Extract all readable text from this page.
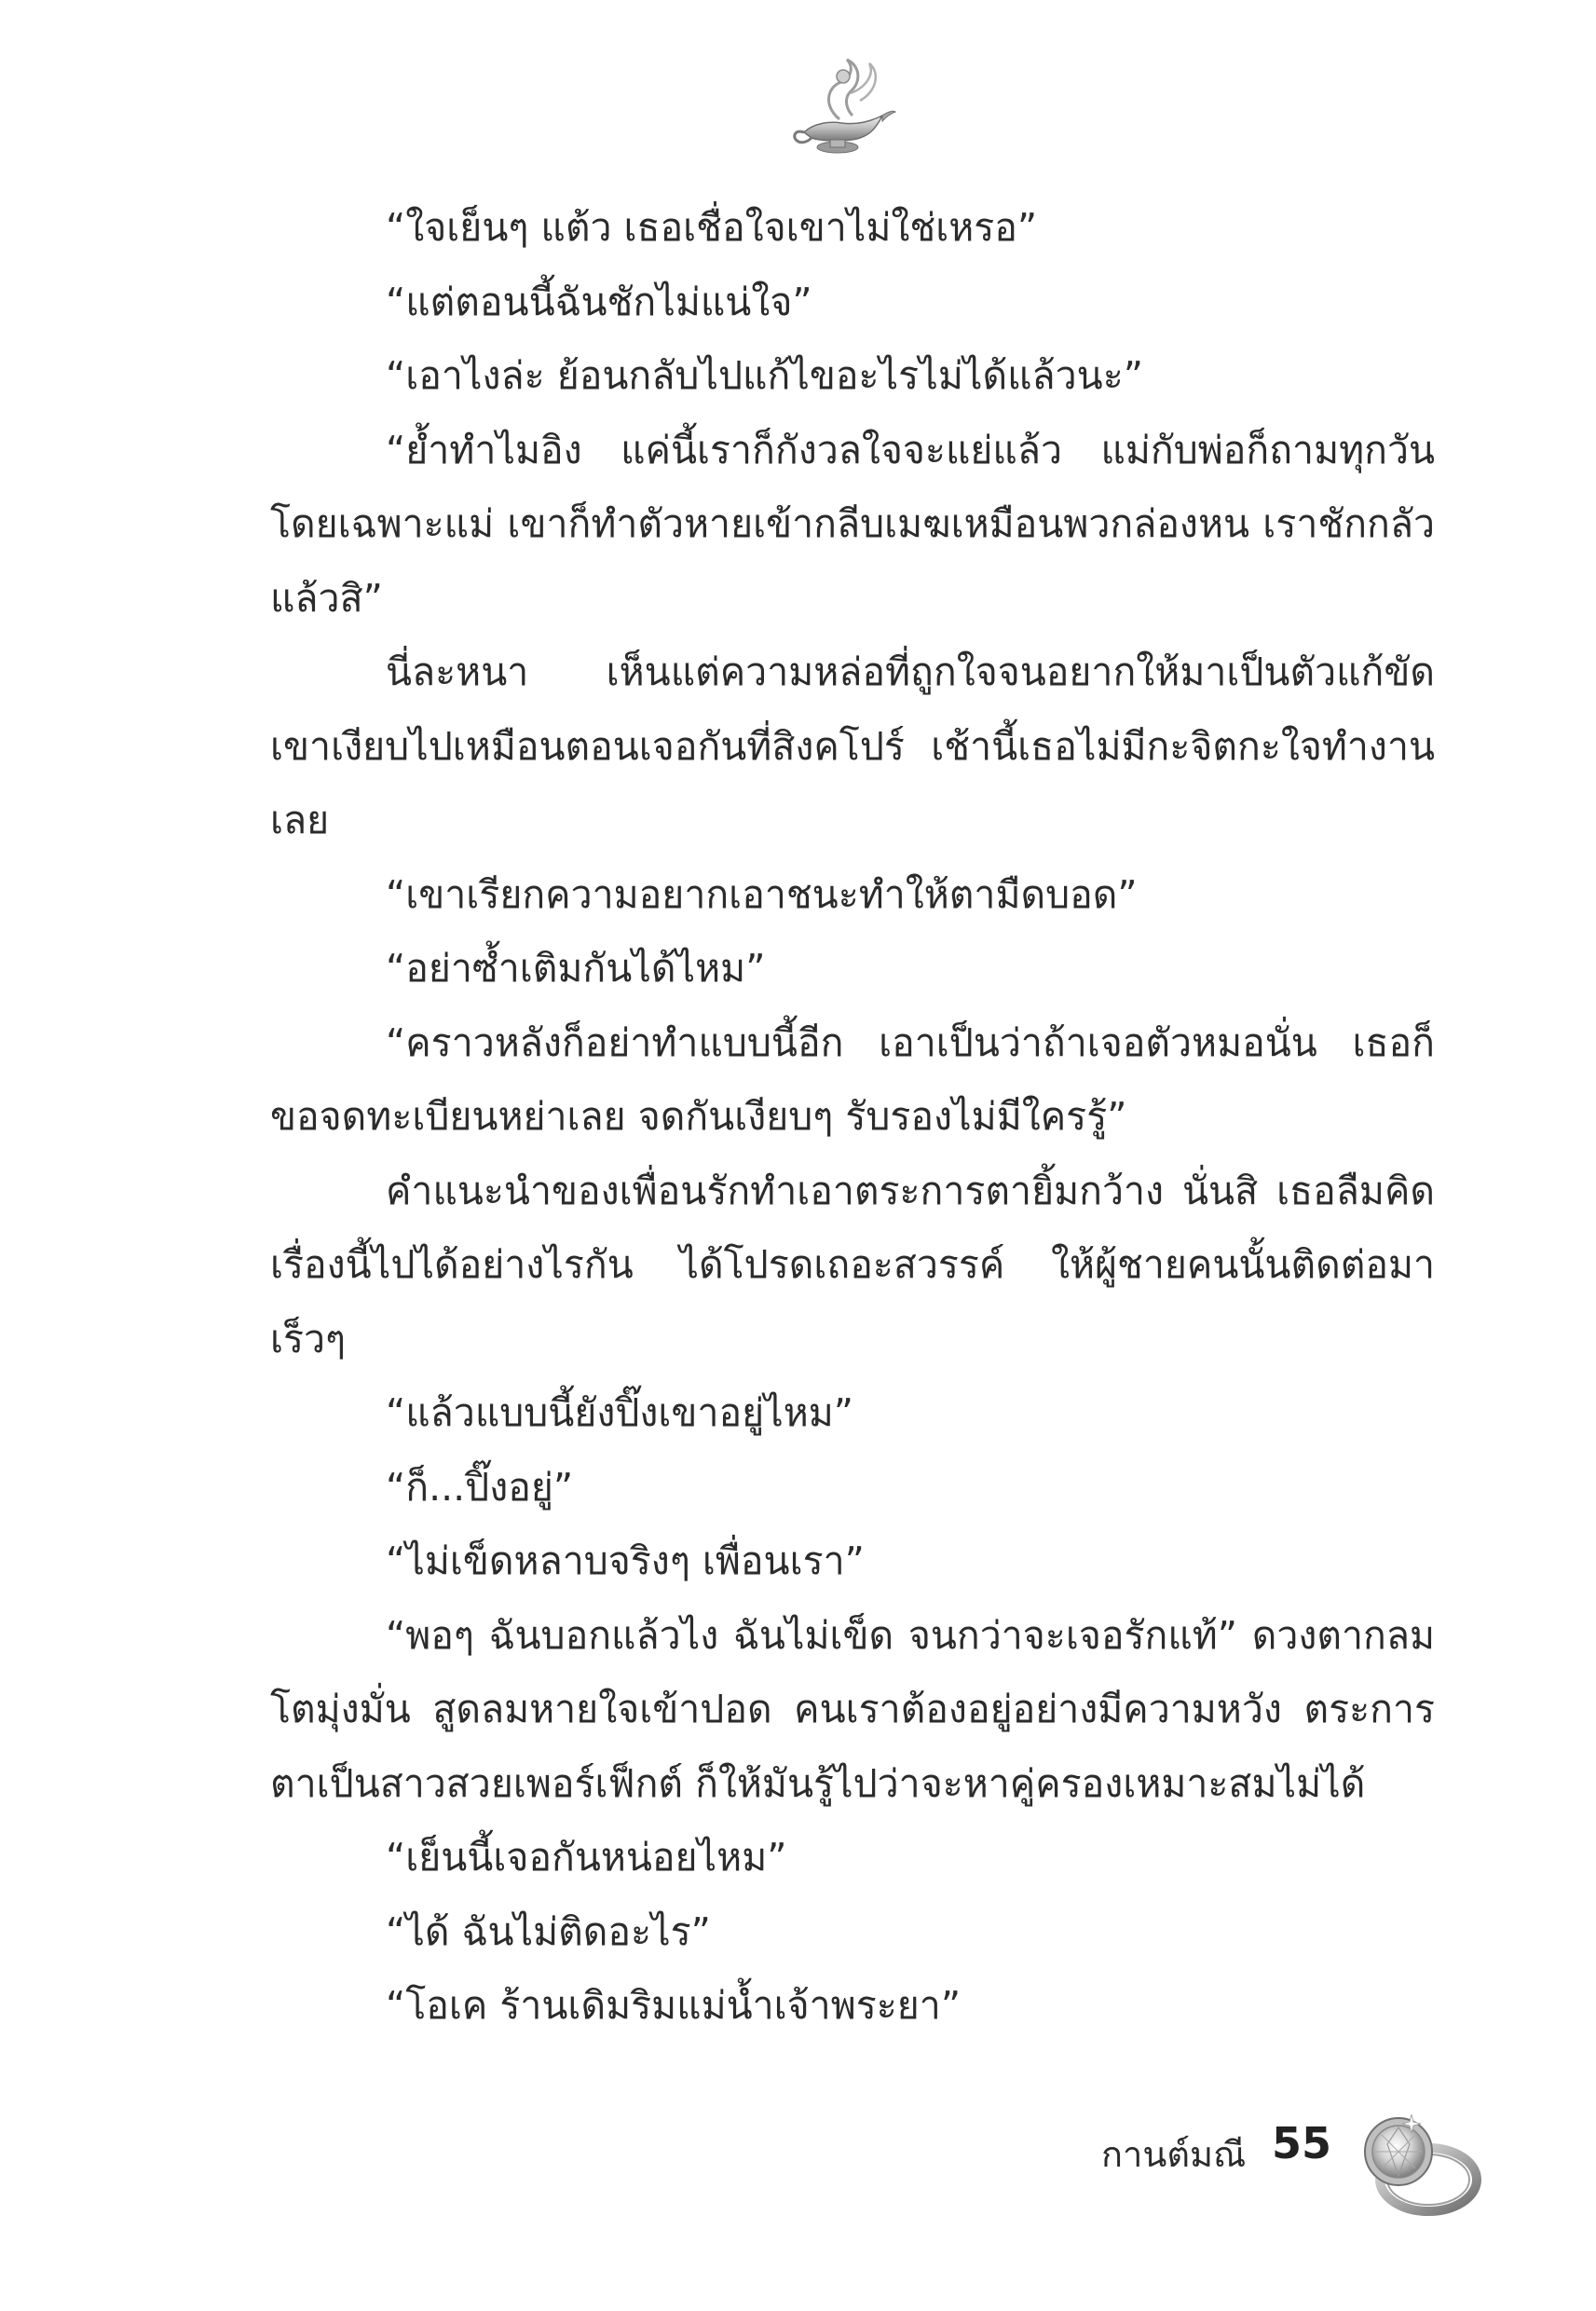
“ใจเย็นๆ แต้ว เธอเชื่อใจเขาไม่ใช่เหรอ”

“แต่ตอนนี้ฉันชักไม่แน่ใจ”

“เอาไงล่ะ ย้อนกลับไปแก้ไขอะไรไม่ได้แล้วนะ”

“ย้ำทำไมอิง แค่นี้เราก็กังวลใจจะแย่แล้ว แม่กับพ่อก็ถามทุกวัน โดยเฉพาะแม่ เขาก็ทำตัวหายเข้ากลีบเมฆเหมือนพวกล่องหน เราชักกลัวแล้วสิ”

นี่ละหนา เห็นแต่ความหล่อที่ถูกใจจนอยากให้มาเป็นตัวแก้ขัด เขาเงียบไปเหมือนตอนเจอกันที่สิงคโปร์ เช้านี้เธอไม่มีกะจิตกะใจทำงานเลย

“เขาเรียกความอยากเอาชนะทำให้ตามืดบอด”

“อย่าซ้ำเติมกันได้ไหม”

“คราวหลังก็อย่าทำแบบนี้อีก เอาเป็นว่าถ้าเจอตัวหมอนั่น เธอก็ขอจดทะเบียนหย่าเลย จดกันเงียบๆ รับรองไม่มีใครรู้”

คำแนะนำของเพื่อนรักทำเอาตระการตายิ้มกว้าง นั่นสิ เธอลืมคิดเรื่องนี้ไปได้อย่างไรกัน ได้โปรดเถอะสวรรค์ ให้ผู้ชายคนนั้นติดต่อมาเร็วๆ

“แล้วแบบนี้ยังปิ๊งเขาอยู่ไหม”

“ก็...ปิ๊งอยู่”

“ไม่เข็ดหลาบจริงๆ เพื่อนเรา”

“พอๆ ฉันบอกแล้วไง ฉันไม่เข็ด จนกว่าจะเจอรักแท้” ดวงตากลมโตมุ่งมั่น สูดลมหายใจเข้าปอด คนเราต้องอยู่อย่างมีความหวัง ตระการตาเป็นสาวสวยเพอร์เฟ็กต์ ก็ให้มันรู้ไปว่าจะหาคู่ครองเหมาะสมไม่ได้

“เย็นนี้เจอกันหน่อยไหม”

“ได้ ฉันไม่ติดอะไร”

“โอเค ร้านเดิมริมแม่น้ำเจ้าพระยา”

กานต์มณี 55
